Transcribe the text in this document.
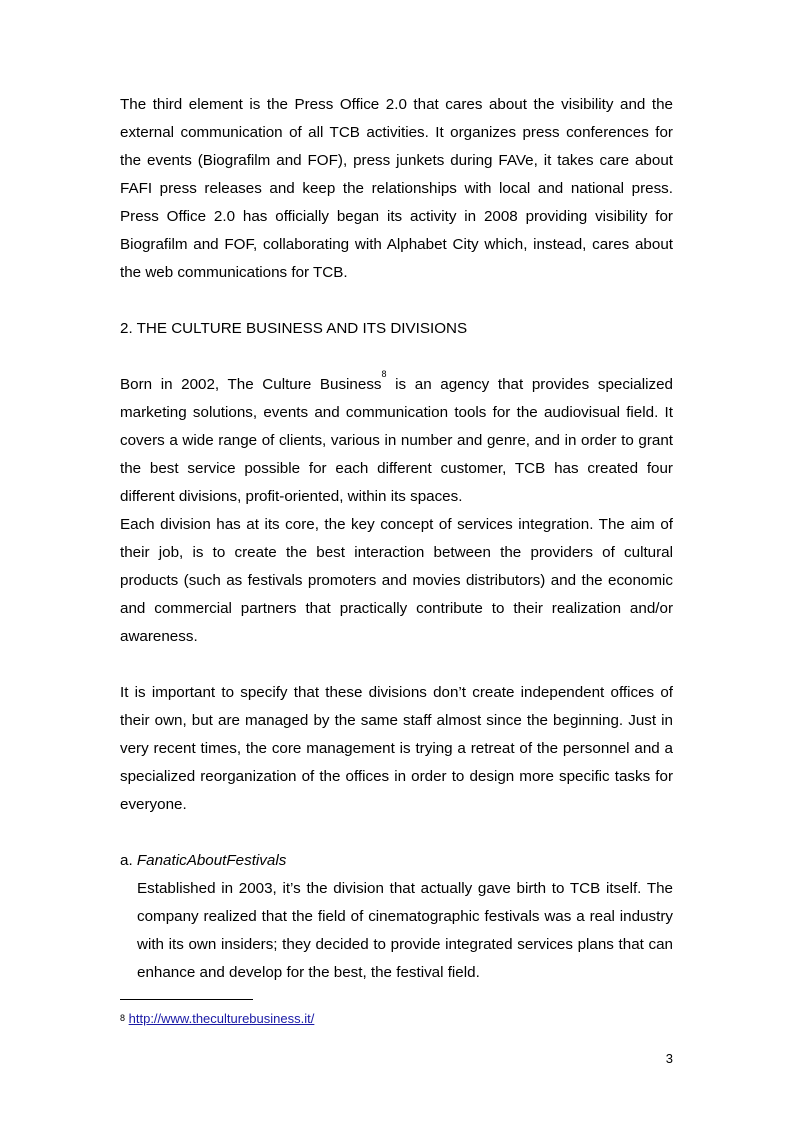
The third element is the Press Office 2.0 that cares about the visibility and the external communication of all TCB activities. It organizes press conferences for the events (Biografilm and FOF), press junkets during FAVe, it takes care about FAFI press releases and keep the relationships with local and national press. Press Office 2.0 has officially began its activity in 2008 providing visibility for Biografilm and FOF, collaborating with Alphabet City which, instead, cares about the web communications for TCB.

2. THE CULTURE BUSINESS AND ITS DIVISIONS

Born in 2002, The Culture Business$^8$ is an agency that provides specialized marketing solutions, events and communication tools for the audiovisual field. It covers a wide range of clients, various in number and genre, and in order to grant the best service possible for each different customer, TCB has created four different divisions, profit-oriented, within its spaces.

Each division has at its core, the key concept of services integration. The aim of their job, is to create the best interaction between the providers of cultural products (such as festivals promoters and movies distributors) and the economic and commercial partners that practically contribute to their realization and/or awareness.

It is important to specify that these divisions don’t create independent offices of their own, but are managed by the same staff almost since the beginning. Just in very recent times, the core management is trying a retreat of the personnel and a specialized reorganization of the offices in order to design more specific tasks for everyone.

a. FanaticAboutFestivals

Established in 2003, it’s the division that actually gave birth to TCB itself. The company realized that the field of cinematographic festivals was a real industry with its own insiders; they decided to provide integrated services plans that can enhance and develop for the best, the festival field.

$^8$ http://www.theculturebusiness.it/
3
